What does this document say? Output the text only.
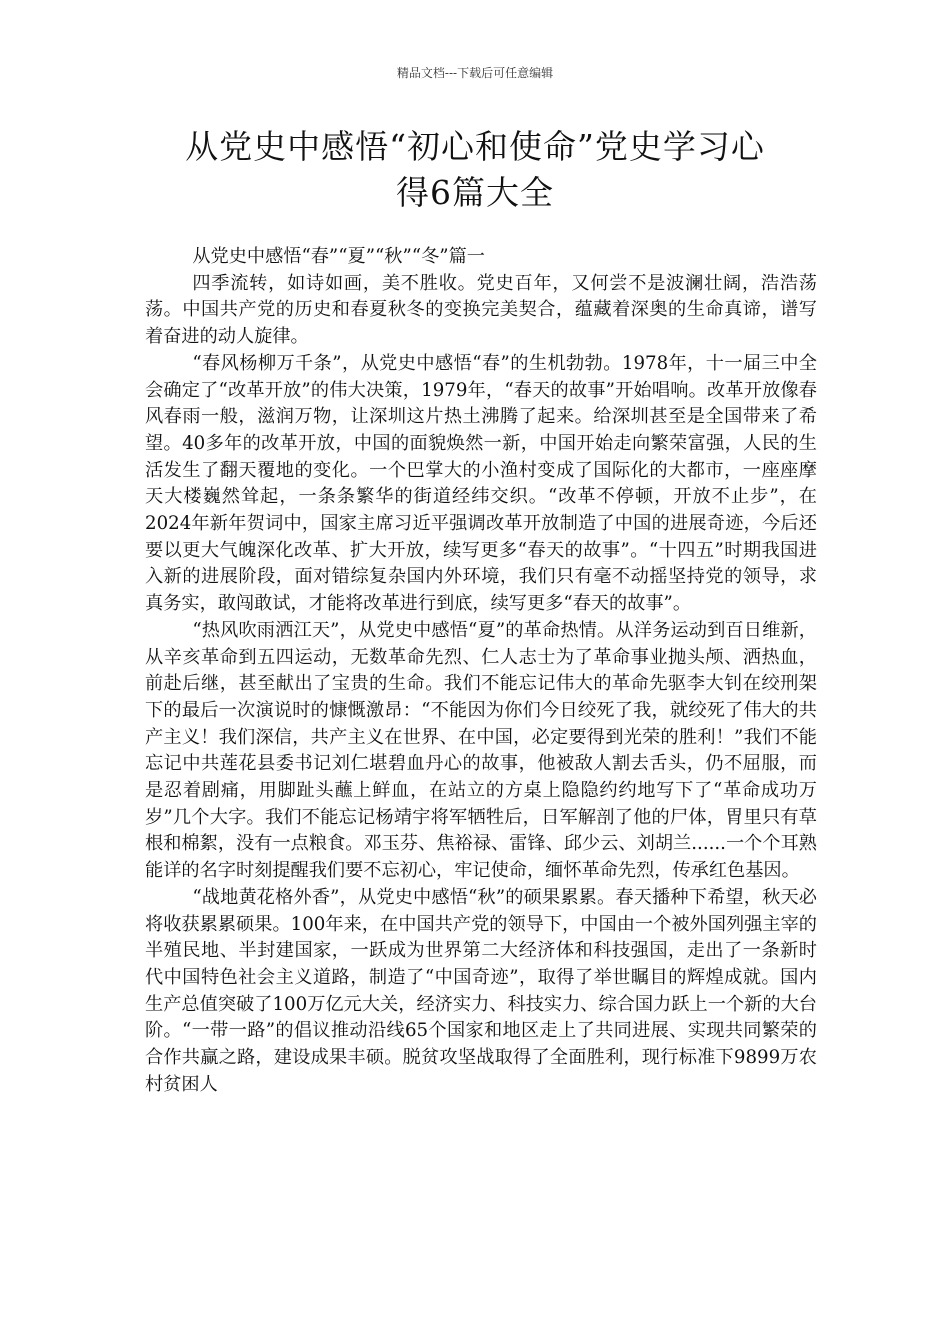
精品文档---下载后可任意编辑
从党史中感悟“初心和使命”党史学习心
得6篇大全

从党史中感悟“春”“夏”“秋”“冬”篇一

四季流转，如诗如画，美不胜收。党史百年，又何尝不是波澜壮阔，浩浩荡荡。中国共产党的历史和春夏秋冬的变换完美契合，蕴藏着深奥的生命真谛，谱写着奋进的动人旋律。

“春风杨柳万千条”，从党史中感悟“春”的生机勃勃。1978年，十一届三中全会确定了“改革开放”的伟大决策，1979年，“春天的故事”开始唱响。改革开放像春风春雨一般，滋润万物，让深圳这片热土沸腾了起来。给深圳甚至是全国带来了希望。40多年的改革开放，中国的面貌焕然一新，中国开始走向繁荣富强，人民的生活发生了翻天覆地的变化。一个巴掌大的小渔村变成了国际化的大都市，一座座摩天大楼巍然耸起，一条条繁华的街道经纬交织。“改革不停顿，开放不止步”，在2024年新年贺词中，国家主席习近平强调改革开放制造了中国的进展奇迹，今后还要以更大气魄深化改革、扩大开放，续写更多“春天的故事”。“十四五”时期我国进入新的进展阶段，面对错综复杂国内外环境，我们只有毫不动摇坚持党的领导，求真务实，敢闯敢试，才能将改革进行到底，续写更多“春天的故事”。

“热风吹雨洒江天”，从党史中感悟“夏”的革命热情。从洋务运动到百日维新，从辛亥革命到五四运动，无数革命先烈、仁人志士为了革命事业抛头颅、洒热血，前赴后继，甚至献出了宝贵的生命。我们不能忘记伟大的革命先驱李大钊在绞刑架下的最后一次演说时的慷慨激昂：“不能因为你们今日绞死了我，就绞死了伟大的共产主义！我们深信，共产主义在世界、在中国，必定要得到光荣的胜利！”我们不能忘记中共莲花县委书记刘仁堪碧血丹心的故事，他被敌人割去舌头，仍不屈服，而是忍着剧痛，用脚趾头蘸上鲜血，在站立的方桌上隐隐约约地写下了“革命成功万岁”几个大字。我们不能忘记杨靖宇将军牺牲后，日军解剖了他的尸体，胃里只有草根和棉絮，没有一点粮食。邓玉芬、焦裕禄、雷锋、邱少云、刘胡兰......一个个耳熟能详的名字时刻提醒我们要不忘初心，牢记使命，缅怀革命先烈，传承红色基因。

“战地黄花格外香”，从党史中感悟“秋”的硕果累累。春天播种下希望，秋天必将收获累累硕果。100年来，在中国共产党的领导下，中国由一个被外国列强主宰的半殖民地、半封建国家，一跃成为世界第二大经济体和科技强国，走出了一条新时代中国特色社会主义道路，制造了“中国奇迹”，取得了举世瞩目的辉煌成就。国内生产总值突破了100万亿元大关，经济实力、科技实力、综合国力跃上一个新的大台阶。“一带一路”的倡议推动沿线65个国家和地区走上了共同进展、实现共同繁荣的合作共赢之路，建设成果丰硕。脱贫攻坚战取得了全面胜利，现行标准下9899万农村贫困人
